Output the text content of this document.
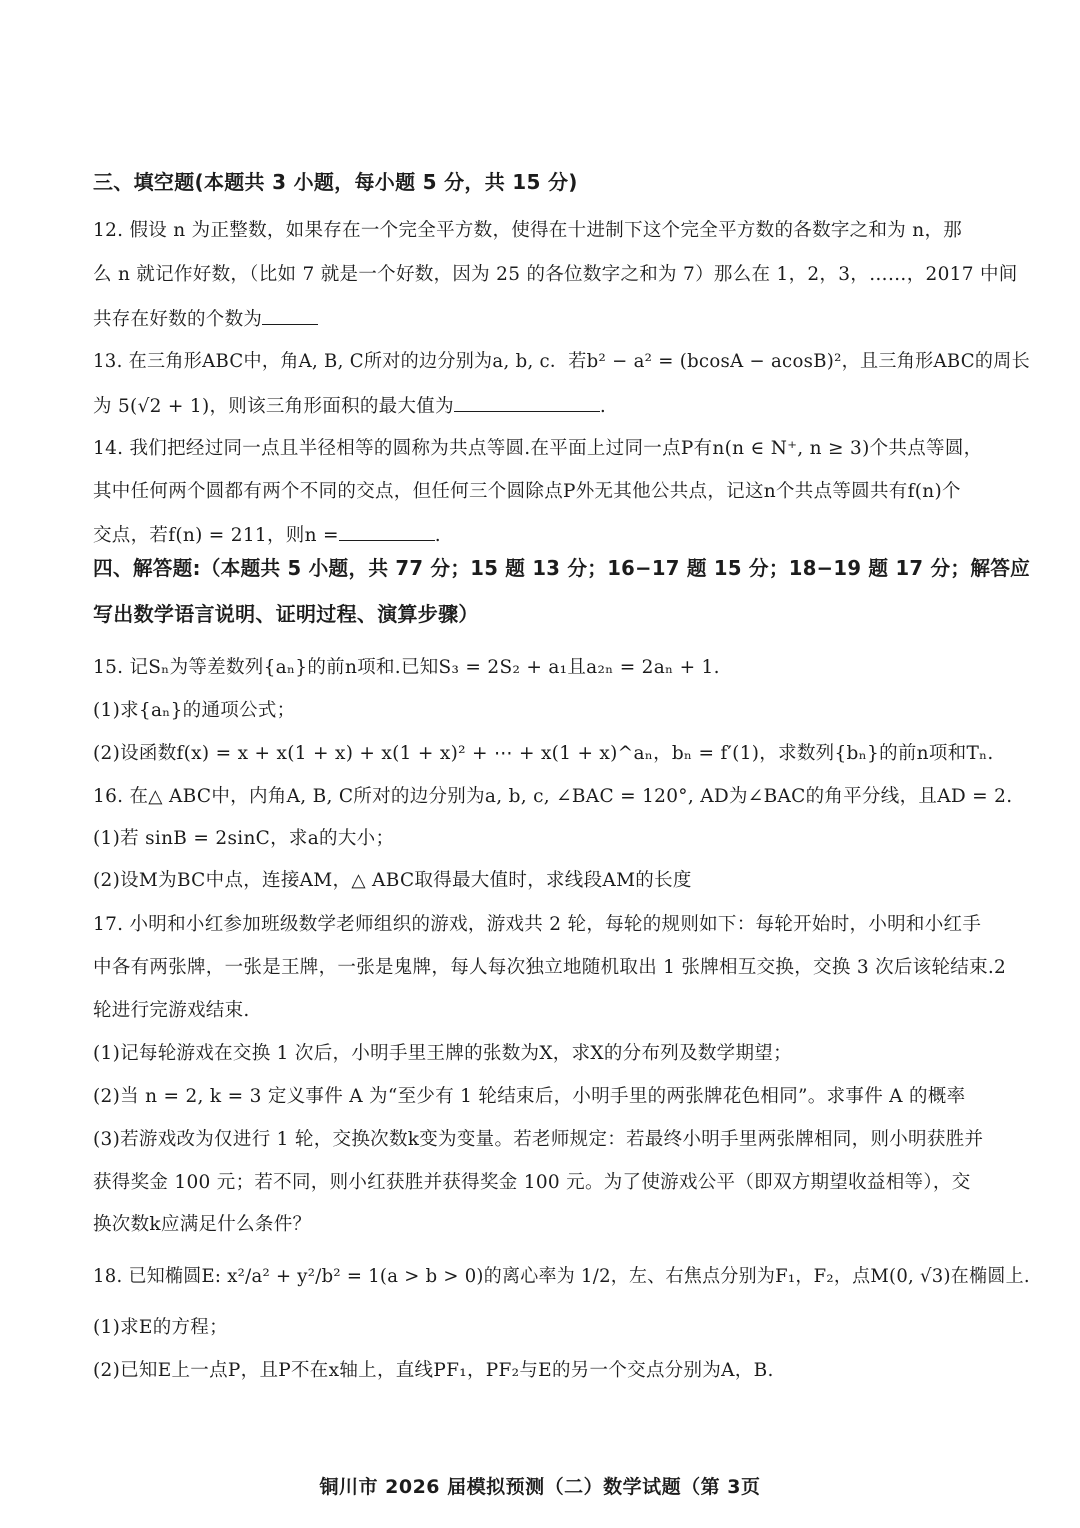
三、填空题(本题共 3 小题，每小题 5 分，共 15 分)
12. 假设 n 为正整数，如果存在一个完全平方数，使得在十进制下这个完全平方数的各数字之和为 n，那
么 n 就记作好数，（比如 7 就是一个好数，因为 25 的各位数字之和为 7）那么在 1，2，3，……，2017 中间
共存在好数的个数为
13. 在三角形ABC中，角A, B, C所对的边分别为a, b, c．若b² − a² = (bcosA − acosB)²，且三角形ABC的周长
为 5(√2 + 1)，则该三角形面积的最大值为	.
14. 我们把经过同一点且半径相等的圆称为共点等圆.在平面上过同一点P有n(n ∈ N⁺, n ≥ 3)个共点等圆，
其中任何两个圆都有两个不同的交点，但任何三个圆除点P外无其他公共点，记这n个共点等圆共有f(n)个
交点，若f(n) = 211，则n =	.
四、解答题:（本题共 5 小题，共 77 分；15 题 13 分；16−17 题 15 分；18−19 题 17 分；解答应
写出数学语言说明、证明过程、演算步骤）
15. 记Sₙ为等差数列{aₙ}的前n项和.已知S₃ = 2S₂ + a₁且a₂ₙ = 2aₙ + 1.
(1)求{aₙ}的通项公式；
(2)设函数f(x) = x + x(1 + x) + x(1 + x)² + ⋯ + x(1 + x)^aₙ，bₙ = f′(1)，求数列{bₙ}的前n项和Tₙ.
16. 在△ ABC中，内角A, B, C所对的边分别为a, b, c, ∠BAC = 120°, AD为∠BAC的角平分线，且AD = 2.
(1)若 sinB = 2sinC，求a的大小；
(2)设M为BC中点，连接AM，△ ABC取得最大值时，求线段AM的长度
17. 小明和小红参加班级数学老师组织的游戏，游戏共 2 轮，每轮的规则如下：每轮开始时，小明和小红手
中各有两张牌，一张是王牌，一张是鬼牌，每人每次独立地随机取出 1 张牌相互交换，交换 3 次后该轮结束.2
轮进行完游戏结束.
(1)记每轮游戏在交换 1 次后，小明手里王牌的张数为X，求X的分布列及数学期望；
(2)当 n = 2, k = 3 定义事件 A 为“至少有 1 轮结束后，小明手里的两张牌花色相同”。求事件 A 的概率
(3)若游戏改为仅进行 1 轮，交换次数k变为变量。若老师规定：若最终小明手里两张牌相同，则小明获胜并
获得奖金 100 元；若不同，则小红获胜并获得奖金 100 元。为了使游戏公平（即双方期望收益相等），交
换次数k应满足什么条件？
18. 已知椭圆E: x²/a² + y²/b² = 1(a > b > 0)的离心率为 1/2，左、右焦点分别为F₁，F₂，点M(0, √3)在椭圆上.
(1)求E的方程；
(2)已知E上一点P，且P不在x轴上，直线PF₁，PF₂与E的另一个交点分别为A，B.
铜川市 2026 届模拟预测（二）数学试题（第 3页
